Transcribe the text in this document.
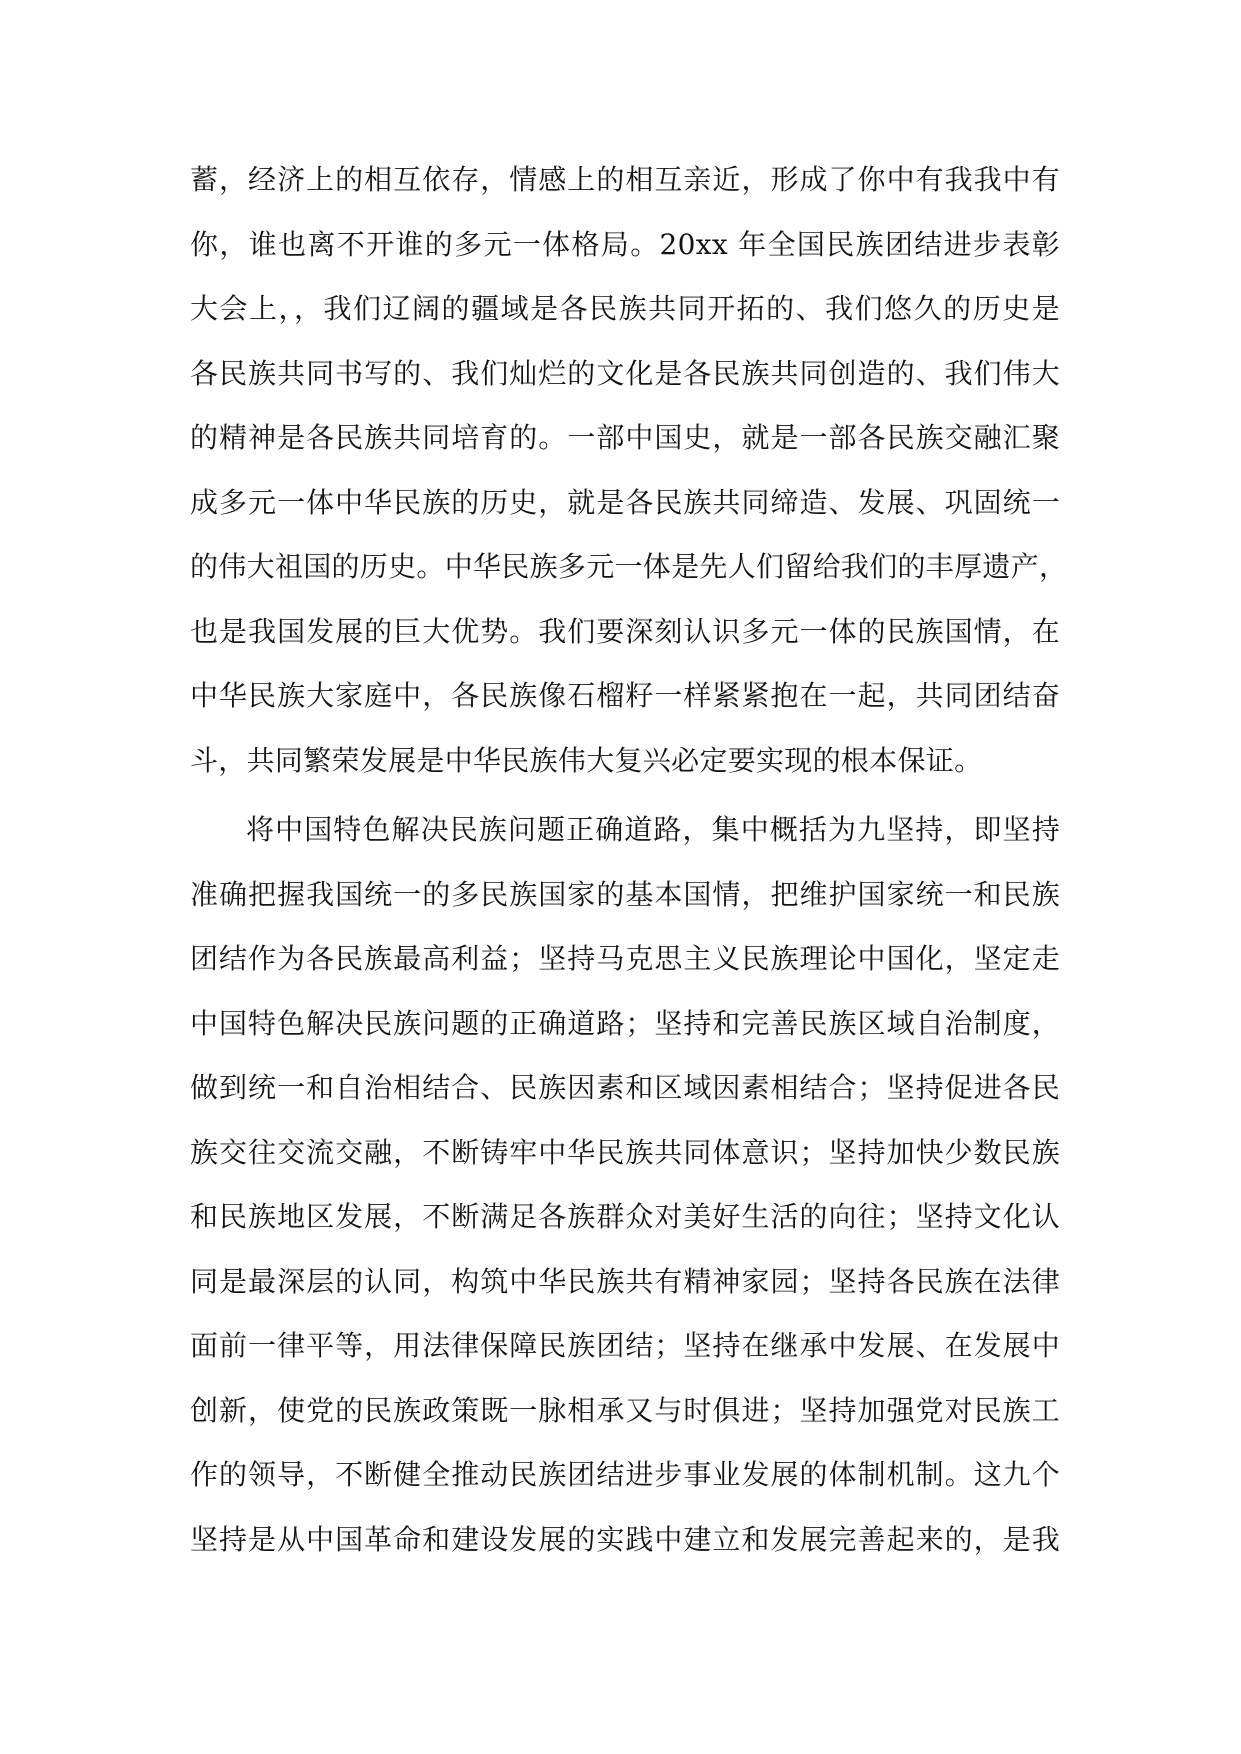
蓄，经济上的相互依存，情感上的相互亲近，形成了你中有我我中有
你，谁也离不开谁的多元一体格局。20xx 年全国民族团结进步表彰
大会上，，我们辽阔的疆域是各民族共同开拓的、我们悠久的历史是
各民族共同书写的、我们灿烂的文化是各民族共同创造的、我们伟大
的精神是各民族共同培育的。一部中国史，就是一部各民族交融汇聚
成多元一体中华民族的历史，就是各民族共同缔造、发展、巩固统一
的伟大祖国的历史。中华民族多元一体是先人们留给我们的丰厚遗产，
也是我国发展的巨大优势。我们要深刻认识多元一体的民族国情，在
中华民族大家庭中，各民族像石榴籽一样紧紧抱在一起，共同团结奋
斗，共同繁荣发展是中华民族伟大复兴必定要实现的根本保证。
将中国特色解决民族问题正确道路，集中概括为九坚持，即坚持
准确把握我国统一的多民族国家的基本国情，把维护国家统一和民族
团结作为各民族最高利益；坚持马克思主义民族理论中国化，坚定走
中国特色解决民族问题的正确道路；坚持和完善民族区域自治制度，
做到统一和自治相结合、民族因素和区域因素相结合；坚持促进各民
族交往交流交融，不断铸牢中华民族共同体意识；坚持加快少数民族
和民族地区发展，不断满足各族群众对美好生活的向往；坚持文化认
同是最深层的认同，构筑中华民族共有精神家园；坚持各民族在法律
面前一律平等，用法律保障民族团结；坚持在继承中发展、在发展中
创新，使党的民族政策既一脉相承又与时俱进；坚持加强党对民族工
作的领导，不断健全推动民族团结进步事业发展的体制机制。这九个
坚持是从中国革命和建设发展的实践中建立和发展完善起来的，是我
